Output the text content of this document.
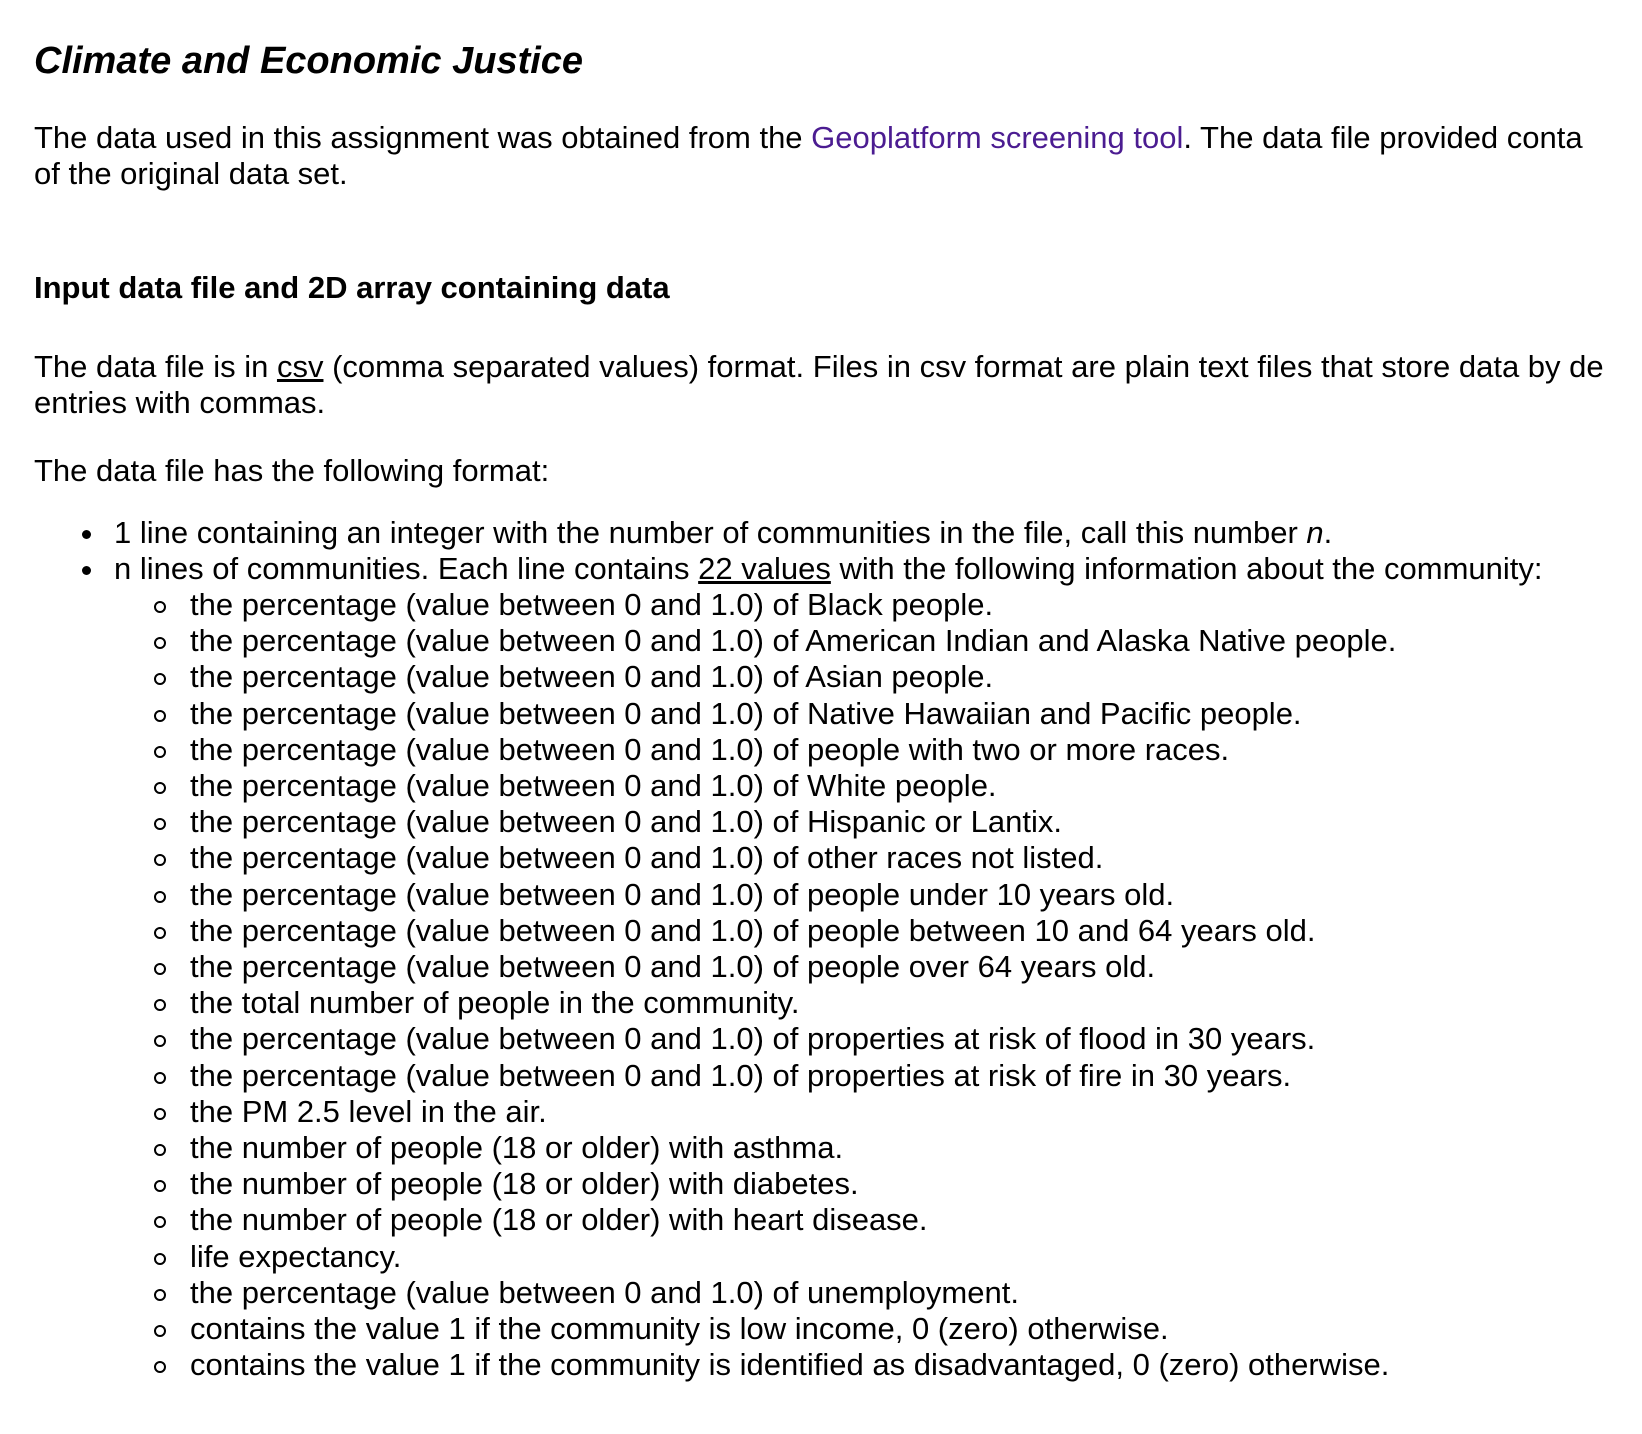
Climate and Economic Justice

The data used in this assignment was obtained from the Geoplatform screening tool. The data file provided conta
of the original data set.

Input data file and 2D array containing data

The data file is in csv (comma separated values) format. Files in csv format are plain text files that store data by de
entries with commas.

The data file has the following format:

1 line containing an integer with the number of communities in the file, call this number n.
n lines of communities. Each line contains 22 values with the following information about the community:
the percentage (value between 0 and 1.0) of Black people.
the percentage (value between 0 and 1.0) of American Indian and Alaska Native people.
the percentage (value between 0 and 1.0) of Asian people.
the percentage (value between 0 and 1.0) of Native Hawaiian and Pacific people.
the percentage (value between 0 and 1.0) of people with two or more races.
the percentage (value between 0 and 1.0) of White people.
the percentage (value between 0 and 1.0) of Hispanic or Lantix.
the percentage (value between 0 and 1.0) of other races not listed.
the percentage (value between 0 and 1.0) of people under 10 years old.
the percentage (value between 0 and 1.0) of people between 10 and 64 years old.
the percentage (value between 0 and 1.0) of people over 64 years old.
the total number of people in the community.
the percentage (value between 0 and 1.0) of properties at risk of flood in 30 years.
the percentage (value between 0 and 1.0) of properties at risk of fire in 30 years.
the PM 2.5 level in the air.
the number of people (18 or older) with asthma.
the number of people (18 or older) with diabetes.
the number of people (18 or older) with heart disease.
life expectancy.
the percentage (value between 0 and 1.0) of unemployment.
contains the value 1 if the community is low income, 0 (zero) otherwise.
contains the value 1 if the community is identified as disadvantaged, 0 (zero) otherwise.
